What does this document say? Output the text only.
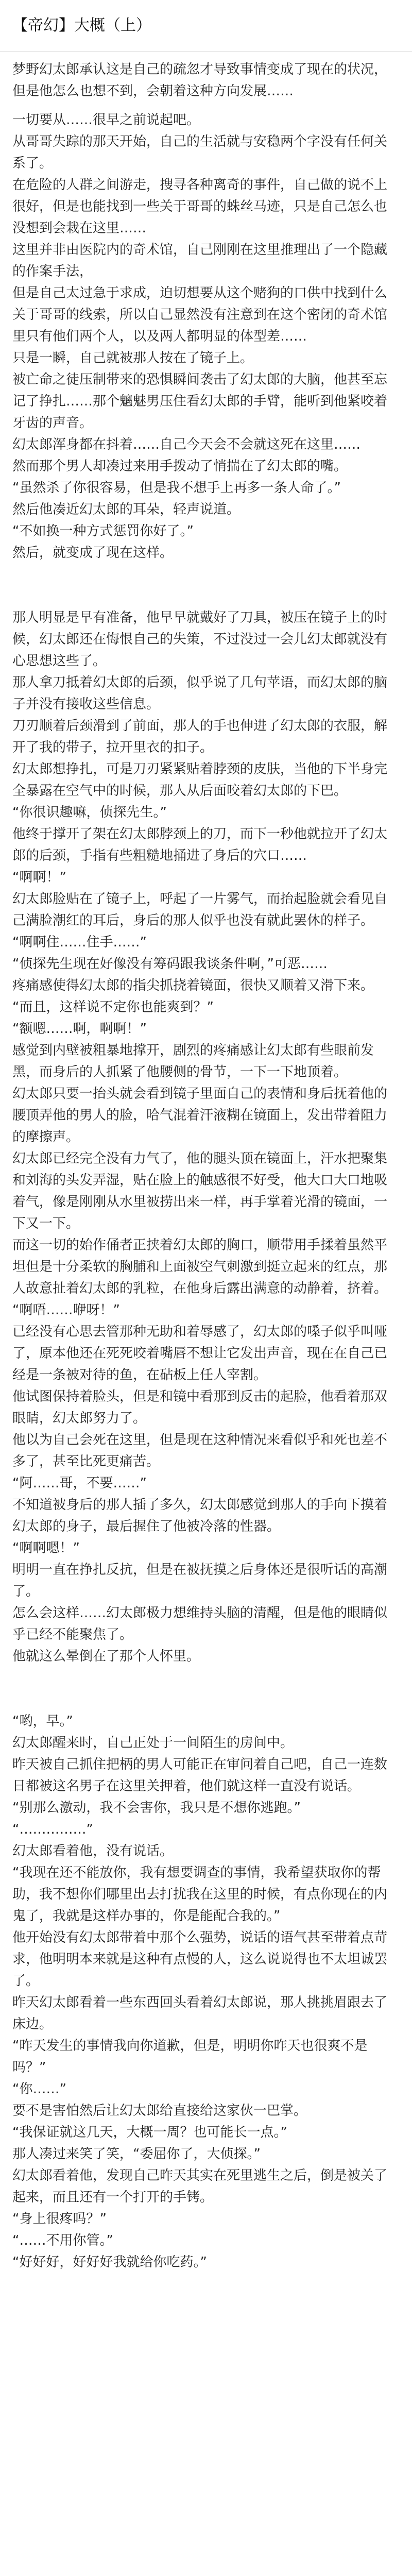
【帝幻】大概（上）

梦野幻太郎承认这是自己的疏忽才导致事情变成了现在的状况，但是他怎么也想不到，会朝着这种方向发展……

一切要从……很早之前说起吧。
从哥哥失踪的那天开始，自己的生活就与安稳两个字没有任何关系了。
在危险的人群之间游走，搜寻各种离奇的事件，自己做的说不上很好，但是也能找到一些关于哥哥的蛛丝马迹，只是自己怎么也没想到会栽在这里……
这里并非由医院内的奇术馆，自己刚刚在这里推理出了一个隐藏的作案手法，
但是自己太过急于求成，迫切想要从这个赌狗的口供中找到什么关于哥哥的线索，所以自己显然没有注意到在这个密闭的奇术馆里只有他们两个人，以及两人都明显的体型差……
只是一瞬，自己就被那人按在了镜子上。
被亡命之徒压制带来的恐惧瞬间袭击了幻太郎的大脑，他甚至忘记了挣扎……那个魑魅男压住看幻太郎的手臂，能听到他紧咬着牙齿的声音。
幻太郎浑身都在抖着……自己今天会不会就这死在这里……
然而那个男人却凑过来用手拨动了悄揣在了幻太郎的嘴。
“虽然杀了你很容易，但是我不想手上再多一条人命了。”
然后他凑近幻太郎的耳朵，轻声说道。
“不如换一种方式惩罚你好了。”
然后，就变成了现在这样。

那人明显是早有准备，他早早就戴好了刀具，被压在镜子上的时候，幻太郎还在悔恨自己的失策，不过没过一会儿幻太郎就没有心思想这些了。
那人拿刀抵着幻太郎的后颈，似乎说了几句苹语，而幻太郎的脑子并没有接收这些信息。
刀刃顺着后颈滑到了前面，那人的手也伸进了幻太郎的衣服，解开了我的带子，拉开里衣的扣子。
幻太郎想挣扎，可是刀刃紧紧贴着脖颈的皮肤，当他的下半身完全暴露在空气中的时候，那人从后面咬着幻太郎的下巴。
“你很识趣嘛，侦探先生。”
他终于撑开了架在幻太郎脖颈上的刀，而下一秒他就拉开了幻太郎的后颈，手指有些粗糙地捅进了身后的穴口……
“啊啊！”
幻太郎脸贴在了镜子上，呼起了一片雾气，而抬起脸就会看见自己满脸潮红的耳后，身后的那人似乎也没有就此罢休的样子。
“啊啊住……住手……”
“侦探先生现在好像没有筹码跟我谈条件啊，”可恶……
疼痛感使得幻太郎的指尖抓挠着镜面，很快又顺着又滑下来。
“而且，这样说不定你也能爽到？”
“额嗯……啊，啊啊！”
感觉到内壁被粗暴地撑开，剧烈的疼痛感让幻太郎有些眼前发黑，而身后的人抓紧了他腰侧的骨节，一下一下地顶着。
幻太郎只要一抬头就会看到镜子里面自己的表情和身后抚着他的腰顶弄他的男人的脸，哈气混着汗液糊在镜面上，发出带着阻力的摩擦声。
幻太郎已经完全没有力气了，他的腿头顶在镜面上，汗水把聚集和刘海的头发弄湿，贴在脸上的触感很不好受，他大口大口地吸着气，像是刚刚从水里被捞出来一样，再手掌着光滑的镜面，一下又一下。
而这一切的始作俑者正挟着幻太郎的胸口，顺带用手揉着虽然平坦但是十分柔软的胸脯和上面被空气刺激到挺立起来的红点，那人故意扯着幻太郎的乳粒，在他身后露出满意的动静着，挤着。
“啊唔……咿呀！”
已经没有心思去管那种无助和着辱感了，幻太郎的嗓子似乎叫哑了，原本他还在死死咬着嘴唇不想让它发出声音，现在在自己已经是一条被对待的鱼，在砧板上任人宰割。
他试图保持着脸头，但是和镜中看那到反击的起脸，他看着那双眼睛，幻太郎努力了。
他以为自己会死在这里，但是现在这种情况来看似乎和死也差不多了，甚至比死更痛苦。
“阿……哥，不要……”
不知道被身后的那人插了多久，幻太郎感觉到那人的手向下摸着幻太郎的身子，最后握住了他被冷落的性器。
“啊啊嗯！”
明明一直在挣扎反抗，但是在被抚摸之后身体还是很听话的高潮了。
怎么会这样……幻太郎极力想维持头脑的清醒，但是他的眼睛似乎已经不能聚焦了。
他就这么晕倒在了那个人怀里。

“哟，早。”
幻太郎醒来时，自己正处于一间陌生的房间中。
昨天被自己抓住把柄的男人可能正在审问着自己吧，自己一连数日都被这名男子在这里关押着，他们就这样一直没有说话。
“别那么激动，我不会害你，我只是不想你逃跑。”
“……………”
幻太郎看着他，没有说话。
“我现在还不能放你，我有想要调查的事情，我希望获取你的帮助，我不想你们哪里出去打扰我在这里的时候，有点你现在的内鬼了，我就是这样办事的，你是能配合我的。”
他开始没有幻太郎带着中那个么强势，说话的语气甚至带着点苛求，他明明本来就是这种有点慢的人，这么说说得也不太坦诚罢了。
昨天幻太郎看着一些东西回头看着幻太郎说，那人挑挑眉跟去了床边。
“昨天发生的事情我向你道歉，但是，明明你昨天也很爽不是吗？”
“你……”
要不是害怕然后让幻太郎给直接给这家伙一巴掌。
“我保证就这几天，大概一周？也可能长一点。”
那人凑过来笑了笑，“委屈你了，大侦探。”
幻太郎看着他，发现自己昨天其实在死里逃生之后，倒是被关了起来，而且还有一个打开的手铐。
“身上很疼吗？”
“……不用你管。”
“好好好，好好好我就给你吃药。”
